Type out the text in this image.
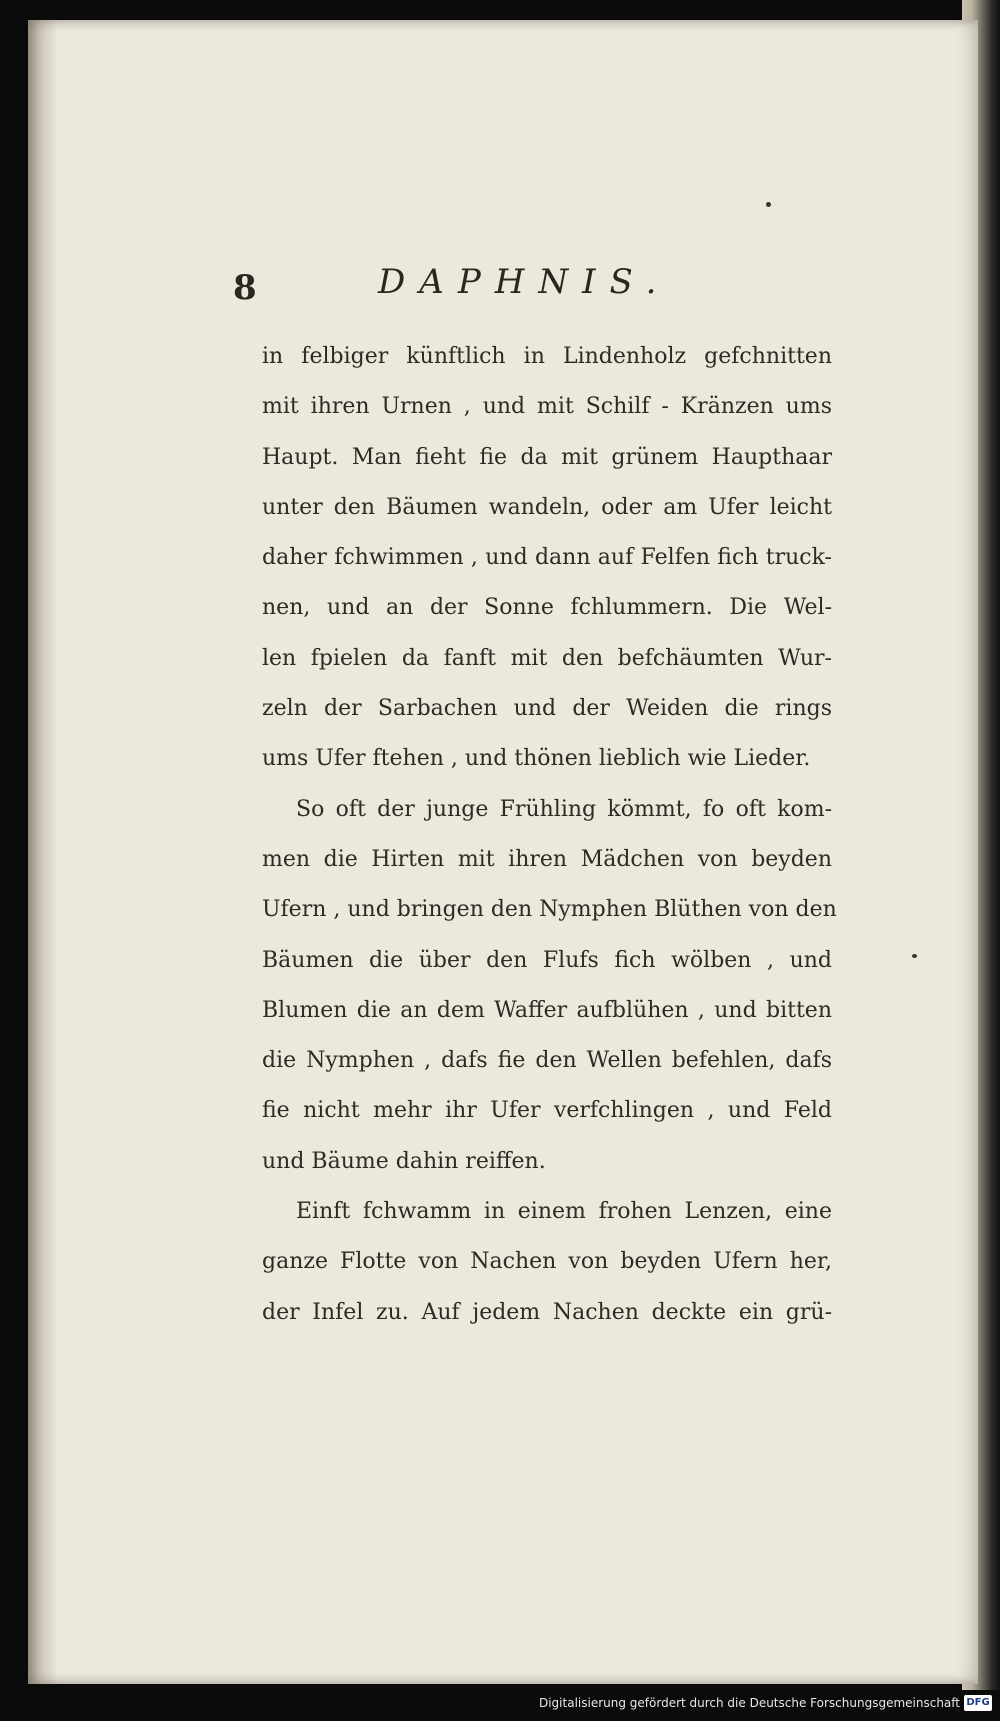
8	DAPHNIS.
in felbiger künftlich in Lindenholz gefchnitten
mit ihren Urnen , und mit Schilf - Kränzen ums
Haupt. Man fieht fie da mit grünem Haupthaar
unter den Bäumen wandeln, oder am Ufer leicht
daher fchwimmen , und dann auf Felfen fich truck-
nen, und an der Sonne fchlummern. Die Wel-
len fpielen da fanft mit den befchäumten Wur-
zeln der Sarbachen und der Weiden die rings
ums Ufer ftehen , und thönen lieblich wie Lieder.
So oft der junge Frühling kömmt, fo oft kom-
men die Hirten mit ihren Mädchen von beyden
Ufern , und bringen den Nymphen Blüthen von den
Bäumen die über den Flufs fich wölben , und
Blumen die an dem Waffer aufblühen , und bitten
die Nymphen , dafs fie den Wellen befehlen, dafs
fie nicht mehr ihr Ufer verfchlingen , und Feld
und Bäume dahin reiffen.
Einft fchwamm in einem frohen Lenzen, eine
ganze Flotte von Nachen von beyden Ufern her,
der Infel zu. Auf jedem Nachen deckte ein grü-
Digitalisierung gefördert durch die Deutsche Forschungsgemeinschaft DFG
